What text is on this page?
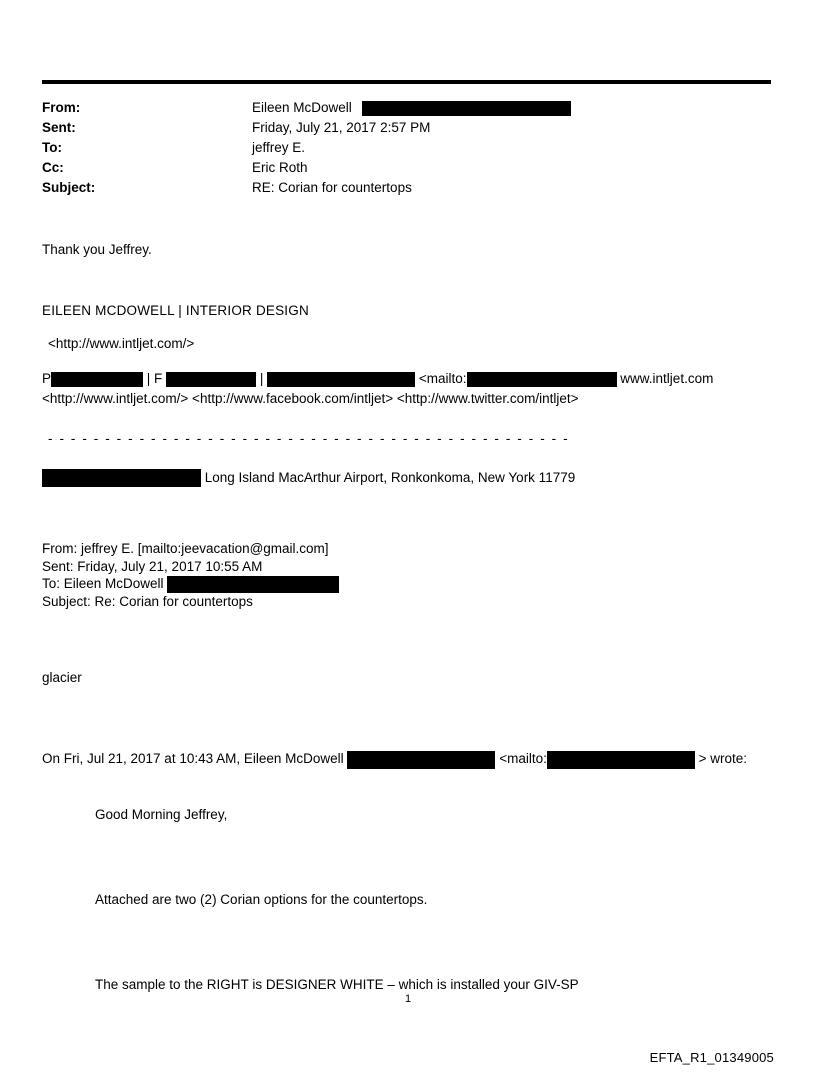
From:	Eileen McDowell
Sent:	Friday, July 21, 2017 2:57 PM
To:	jeffrey E.
Cc:	Eric Roth
Subject:	RE: Corian for countertops

Thank you Jeffrey.

EILEEN MCDOWELL | INTERIOR DESIGN

<http://www.intljet.com/>

P	| F	|	<mailto:	www.intljet.com
<http://www.intljet.com/> <http://www.facebook.com/intljet> <http://www.twitter.com/intljet>

- - - - - - - - - - - - - - - - - - - - - - - - - - - - - - - - - - - - - - - - - - - - - -

Long Island MacArthur Airport, Ronkonkoma, New York 11779
From: jeffrey E. [mailto:jeevacation@gmail.com]
Sent: Friday, July 21, 2017 10:55 AM
To: Eileen McDowell
Subject: Re: Corian for countertops

glacier

On Fri, Jul 21, 2017 at 10:43 AM, Eileen McDowell	<mailto:	> wrote:

Good Morning Jeffrey,

Attached are two (2) Corian options for the countertops.

The sample to the RIGHT is DESIGNER WHITE – which is installed your GIV-SP

1
EFTA_R1_01349005
